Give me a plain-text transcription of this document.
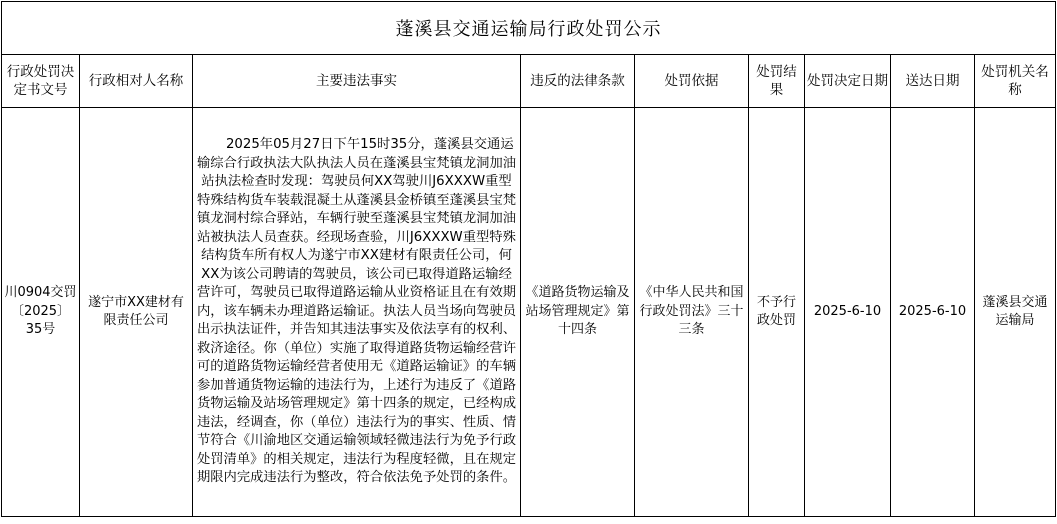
蓬溪县交通运输局行政处罚公示								
行政处罚决定书文号	行政相对人名称	主要违法事实	违反的法律条款	处罚依据	处罚结果	处罚决定日期	送达日期	处罚机关名称
川0904交罚〔2025〕35号	遂宁市XX建材有限责任公司	2025年05月27日下午15时35分，蓬溪县交通运输综合行政执法大队执法人员在蓬溪县宝梵镇龙洞加油站执法检查时发现：驾驶员何XX驾驶川J6XXXW重型特殊结构货车装载混凝土从蓬溪县金桥镇至蓬溪县宝梵镇龙洞村综合驿站，车辆行驶至蓬溪县宝梵镇龙洞加油站被执法人员查获。经现场查验，川J6XXXW重型特殊结构货车所有权人为遂宁市XX建材有限责任公司，何XX为该公司聘请的驾驶员，该公司已取得道路运输经营许可，驾驶员已取得道路运输从业资格证且在有效期内，该车辆未办理道路运输证。执法人员当场向驾驶员出示执法证件，并告知其违法事实及依法享有的权利、救济途径。你（单位）实施了取得道路货物运输经营许可的道路货物运输经营者使用无《道路运输证》的车辆参加普通货物运输的违法行为，上述行为违反了《道路货物运输及站场管理规定》第十四条的规定，已经构成违法，经调查，你（单位）违法行为的事实、性质、情节符合《川渝地区交通运输领域轻微违法行为免予行政处罚清单》的相关规定，违法行为程度轻微，且在规定期限内完成违法行为整改，符合依法免予处罚的条件。	《道路货物运输及站场管理规定》第十四条	《中华人民共和国行政处罚法》三十三条	不予行政处罚	2025-6-10	2025-6-10	蓬溪县交通运输局
